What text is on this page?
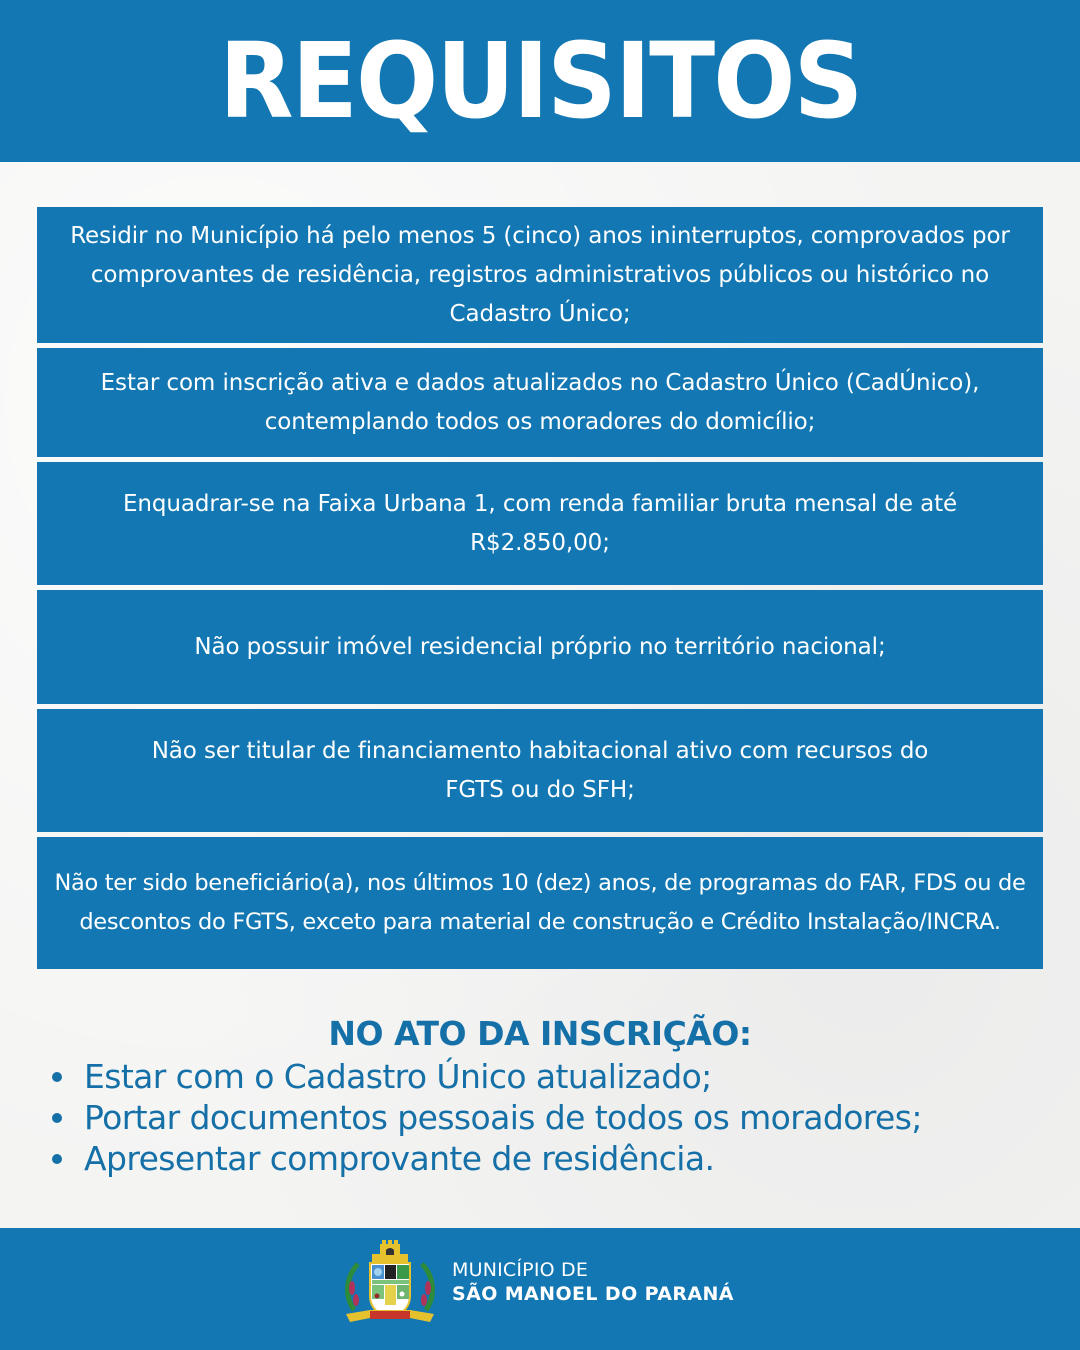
REQUISITOS

Residir no Município há pelo menos 5 (cinco) anos ininterruptos, comprovados por comprovantes de residência, registros administrativos públicos ou histórico no Cadastro Único;

Estar com inscrição ativa e dados atualizados no Cadastro Único (CadÚnico), contemplando todos os moradores do domicílio;

Enquadrar-se na Faixa Urbana 1, com renda familiar bruta mensal de até R$2.850,00;

Não possuir imóvel residencial próprio no território nacional;

Não ser titular de financiamento habitacional ativo com recursos do FGTS ou do SFH;

Não ter sido beneficiário(a), nos últimos 10 (dez) anos, de programas do FAR, FDS ou de descontos do FGTS, exceto para material de construção e Crédito Instalação/INCRA.

NO ATO DA INSCRIÇÃO:
Estar com o Cadastro Único atualizado;
Portar documentos pessoais de todos os moradores;
Apresentar comprovante de residência.
MUNICÍPIO DE
SÃO MANOEL DO PARANÁ
